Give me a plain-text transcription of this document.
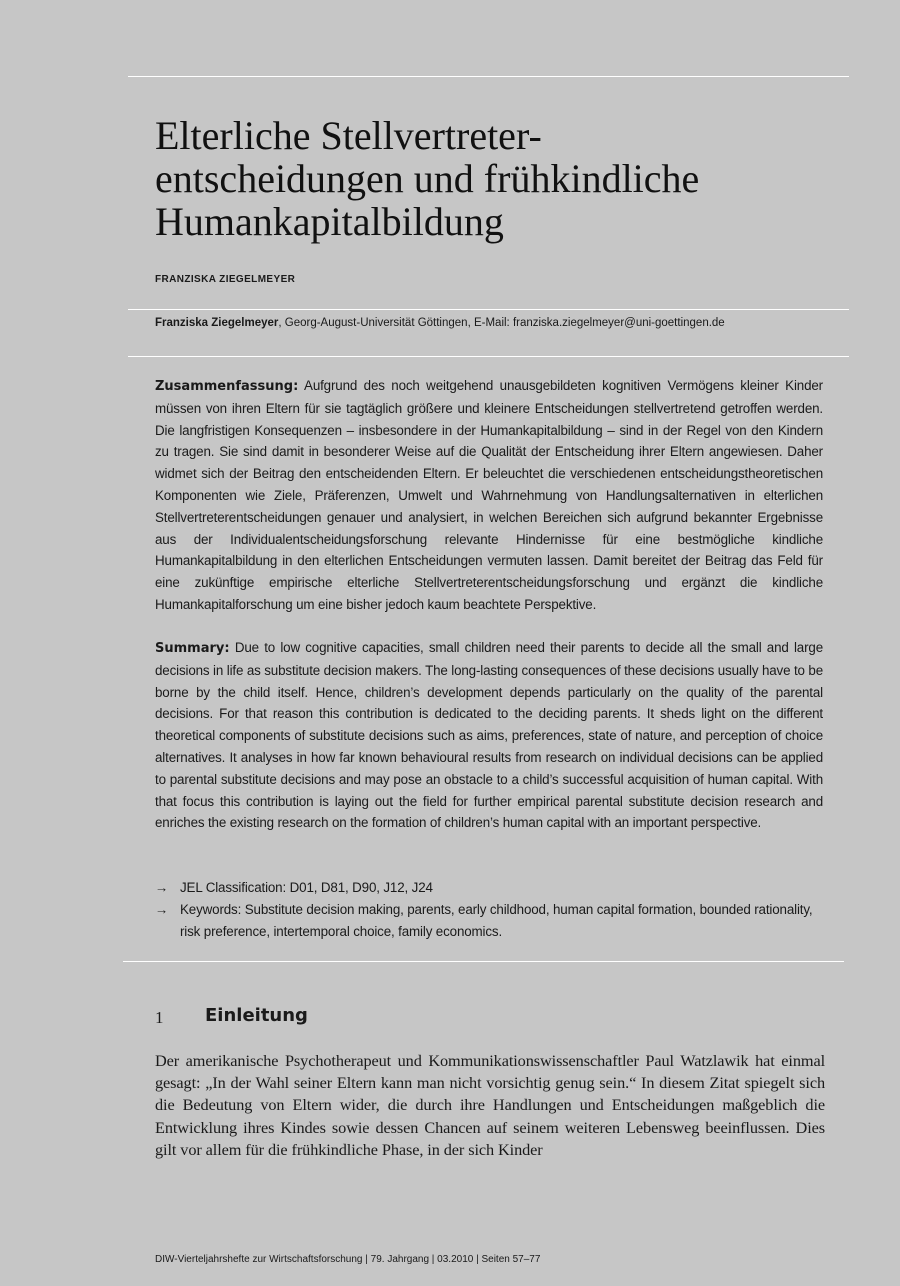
Elterliche Stellvertreter-
entscheidungen und frühkindliche
Humankapitalbildung

FRANZISKA ZIEGELMEYER

Franziska Ziegelmeyer, Georg-August-Universität Göttingen, E-Mail: franziska.ziegelmeyer@uni-goettingen.de

Zusammenfassung: Aufgrund des noch weitgehend unausgebildeten kognitiven Vermögens kleiner Kinder müssen von ihren Eltern für sie tagtäglich größere und kleinere Entscheidungen stellvertretend getroffen werden. Die langfristigen Konsequenzen – insbesondere in der Humankapitalbildung – sind in der Regel von den Kindern zu tragen. Sie sind damit in besonderer Weise auf die Qualität der Entscheidung ihrer Eltern angewiesen. Daher widmet sich der Beitrag den entscheidenden Eltern. Er beleuchtet die verschiedenen entscheidungstheoretischen Komponenten wie Ziele, Präferenzen, Umwelt und Wahrnehmung von Handlungsalternativen in elterlichen Stellvertreterentscheidungen genauer und analysiert, in welchen Bereichen sich aufgrund bekannter Ergebnisse aus der Individualentscheidungsforschung relevante Hindernisse für eine bestmögliche kindliche Humankapitalbildung in den elterlichen Entscheidungen vermuten lassen. Damit bereitet der Beitrag das Feld für eine zukünftige empirische elterliche Stellvertreterentscheidungsforschung und ergänzt die kindliche Humankapitalforschung um eine bisher jedoch kaum beachtete Perspektive.

Summary: Due to low cognitive capacities, small children need their parents to decide all the small and large decisions in life as substitute decision makers. The long-lasting consequences of these decisions usually have to be borne by the child itself. Hence, children’s development depends particularly on the quality of the parental decisions. For that reason this contribution is dedicated to the deciding parents. It sheds light on the different theoretical components of substitute decisions such as aims, preferences, state of nature, and perception of choice alternatives. It analyses in how far known behavioural results from research on individual decisions can be applied to parental substitute decisions and may pose an obstacle to a child’s successful acquisition of human capital. With that focus this contribution is laying out the field for further empirical parental substitute decision research and enriches the existing research on the formation of children’s human capital with an important perspective.

→ JEL Classification: D01, D81, D90, J12, J24
→ Keywords: Substitute decision making, parents, early childhood, human capital formation, bounded rationality, risk preference, intertemporal choice, family economics.
1 Einleitung

Der amerikanische Psychotherapeut und Kommunikationswissenschaftler Paul Watzlawik hat einmal gesagt: „In der Wahl seiner Eltern kann man nicht vorsichtig genug sein.“ In diesem Zitat spiegelt sich die Bedeutung von Eltern wider, die durch ihre Handlungen und Entscheidungen maßgeblich die Entwicklung ihres Kindes sowie dessen Chancen auf seinem weiteren Lebensweg beeinflussen. Dies gilt vor allem für die frühkindliche Phase, in der sich Kinder

DIW-Vierteljahrshefte zur Wirtschaftsforschung | 79. Jahrgang | 03.2010 | Seiten 57–77
